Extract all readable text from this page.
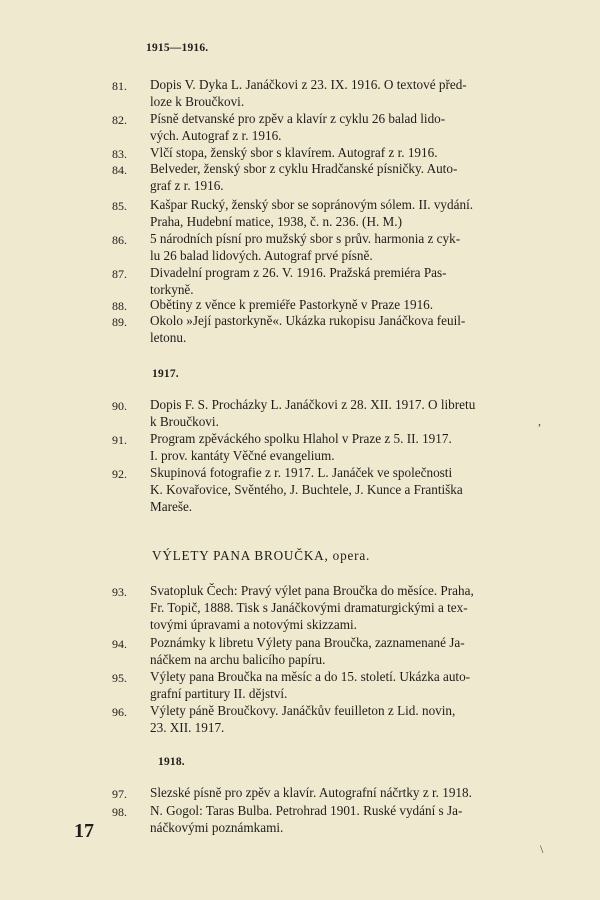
1915—1916.
81.	Dopis V. Dyka L. Janáčkovi z 23. IX. 1916. O textové před-
loze k Broučkovi.
82.	Písně detvanské pro zpěv a klavír z cyklu 26 balad lido-
vých. Autograf z r. 1916.
83.	Vlčí stopa, ženský sbor s klavírem. Autograf z r. 1916.
84.	Belveder, ženský sbor z cyklu Hradčanské písničky. Auto-
graf z r. 1916.
85.	Kašpar Rucký, ženský sbor se sopránovým sólem. II. vydání.
Praha, Hudební matice, 1938, č. n. 236. (H. M.)
86.	5 národních písní pro mužský sbor s prův. harmonia z cyk-
lu 26 balad lidových. Autograf prvé písně.
87.	Divadelní program z 26. V. 1916. Pražská premiéra Pas-
torkyně.
88.	Obětiny z věnce k premiéře Pastorkyně v Praze 1916.
89.	Okolo »Její pastorkyně«. Ukázka rukopisu Janáčkova feuil-
letonu.
1917.
90.	Dopis F. S. Procházky L. Janáčkovi z 28. XII. 1917. O libretu
k Broučkovi.	,
91.	Program zpěváckého spolku Hlahol v Praze z 5. II. 1917.
I. prov. kantáty Věčné evangelium.
92.	Skupinová fotografie z r. 1917. L. Janáček ve společnosti
K. Kovařovice, Svěntého, J. Buchtele, J. Kunce a Františka
Mareše.
VÝLETY PANA BROUČKA, opera.
93.	Svatopluk Čech: Pravý výlet pana Broučka do měsíce. Praha,
Fr. Topič, 1888. Tisk s Janáčkovými dramaturgickými a tex-
tovými úpravami a notovými skizzami.
94.	Poznámky k libretu Výlety pana Broučka, zaznamenané Ja-
náčkem na archu balicího papíru.
95.	Výlety pana Broučka na měsíc a do 15. století. Ukázka auto-
grafní partitury II. dějství.
96.	Výlety páně Broučkovy. Janáčkův feuilleton z Lid. novin,
23. XII. 1917.
1918.
97.	Slezské písně pro zpěv a klavír. Autografní náčrtky z r. 1918.
98.	N. Gogol: Taras Bulba. Petrohrad 1901. Ruské vydání s Ja-
náčkovými poznámkami.
\
17
